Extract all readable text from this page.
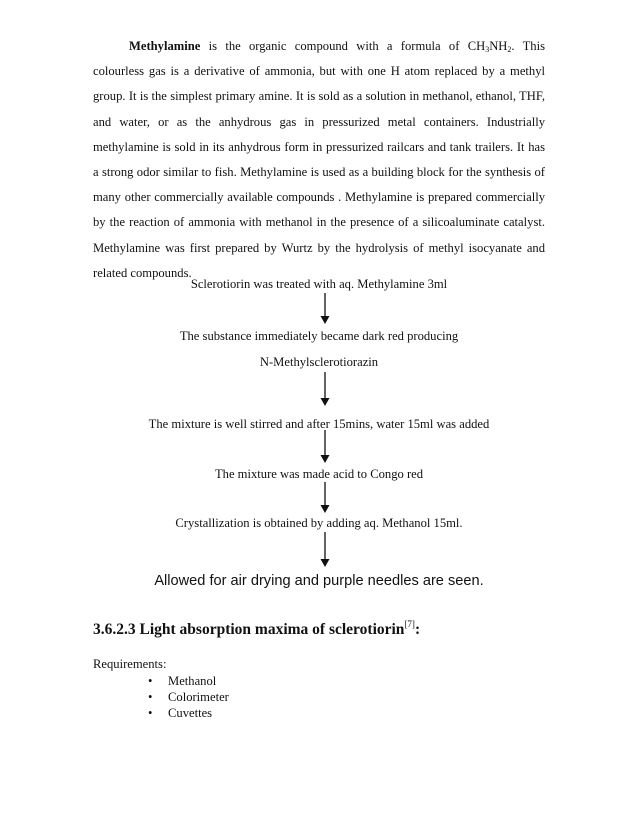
Methylamine is the organic compound with a formula of $CH_3NH_2$. This colourless gas is a derivative of ammonia, but with one H atom replaced by a methyl group. It is the simplest primary amine. It is sold as a solution in methanol, ethanol, THF, and water, or as the anhydrous gas in pressurized metal containers. Industrially methylamine is sold in its anhydrous form in pressurized railcars and tank trailers. It has a strong odor similar to fish. Methylamine is used as a building block for the synthesis of many other commercially available compounds . Methylamine is prepared commercially by the reaction of ammonia with methanol in the presence of a silicoaluminate catalyst. Methylamine was first prepared by Wurtz by the hydrolysis of methyl isocyanate and related compounds.

Sclerotiorin was treated with aq. Methylamine 3ml
The substance immediately became dark red producing
N-Methylsclerotiorazin
The mixture is well stirred and after 15mins, water 15ml was added
The mixture was made acid to Congo red
Crystallization is obtained by adding aq. Methanol 15ml.
Allowed for air drying and purple needles are seen.
3.6.2.3 Light absorption maxima of sclerotiorin[7]:
Requirements:
• Methanol
• Colorimeter
• Cuvettes
